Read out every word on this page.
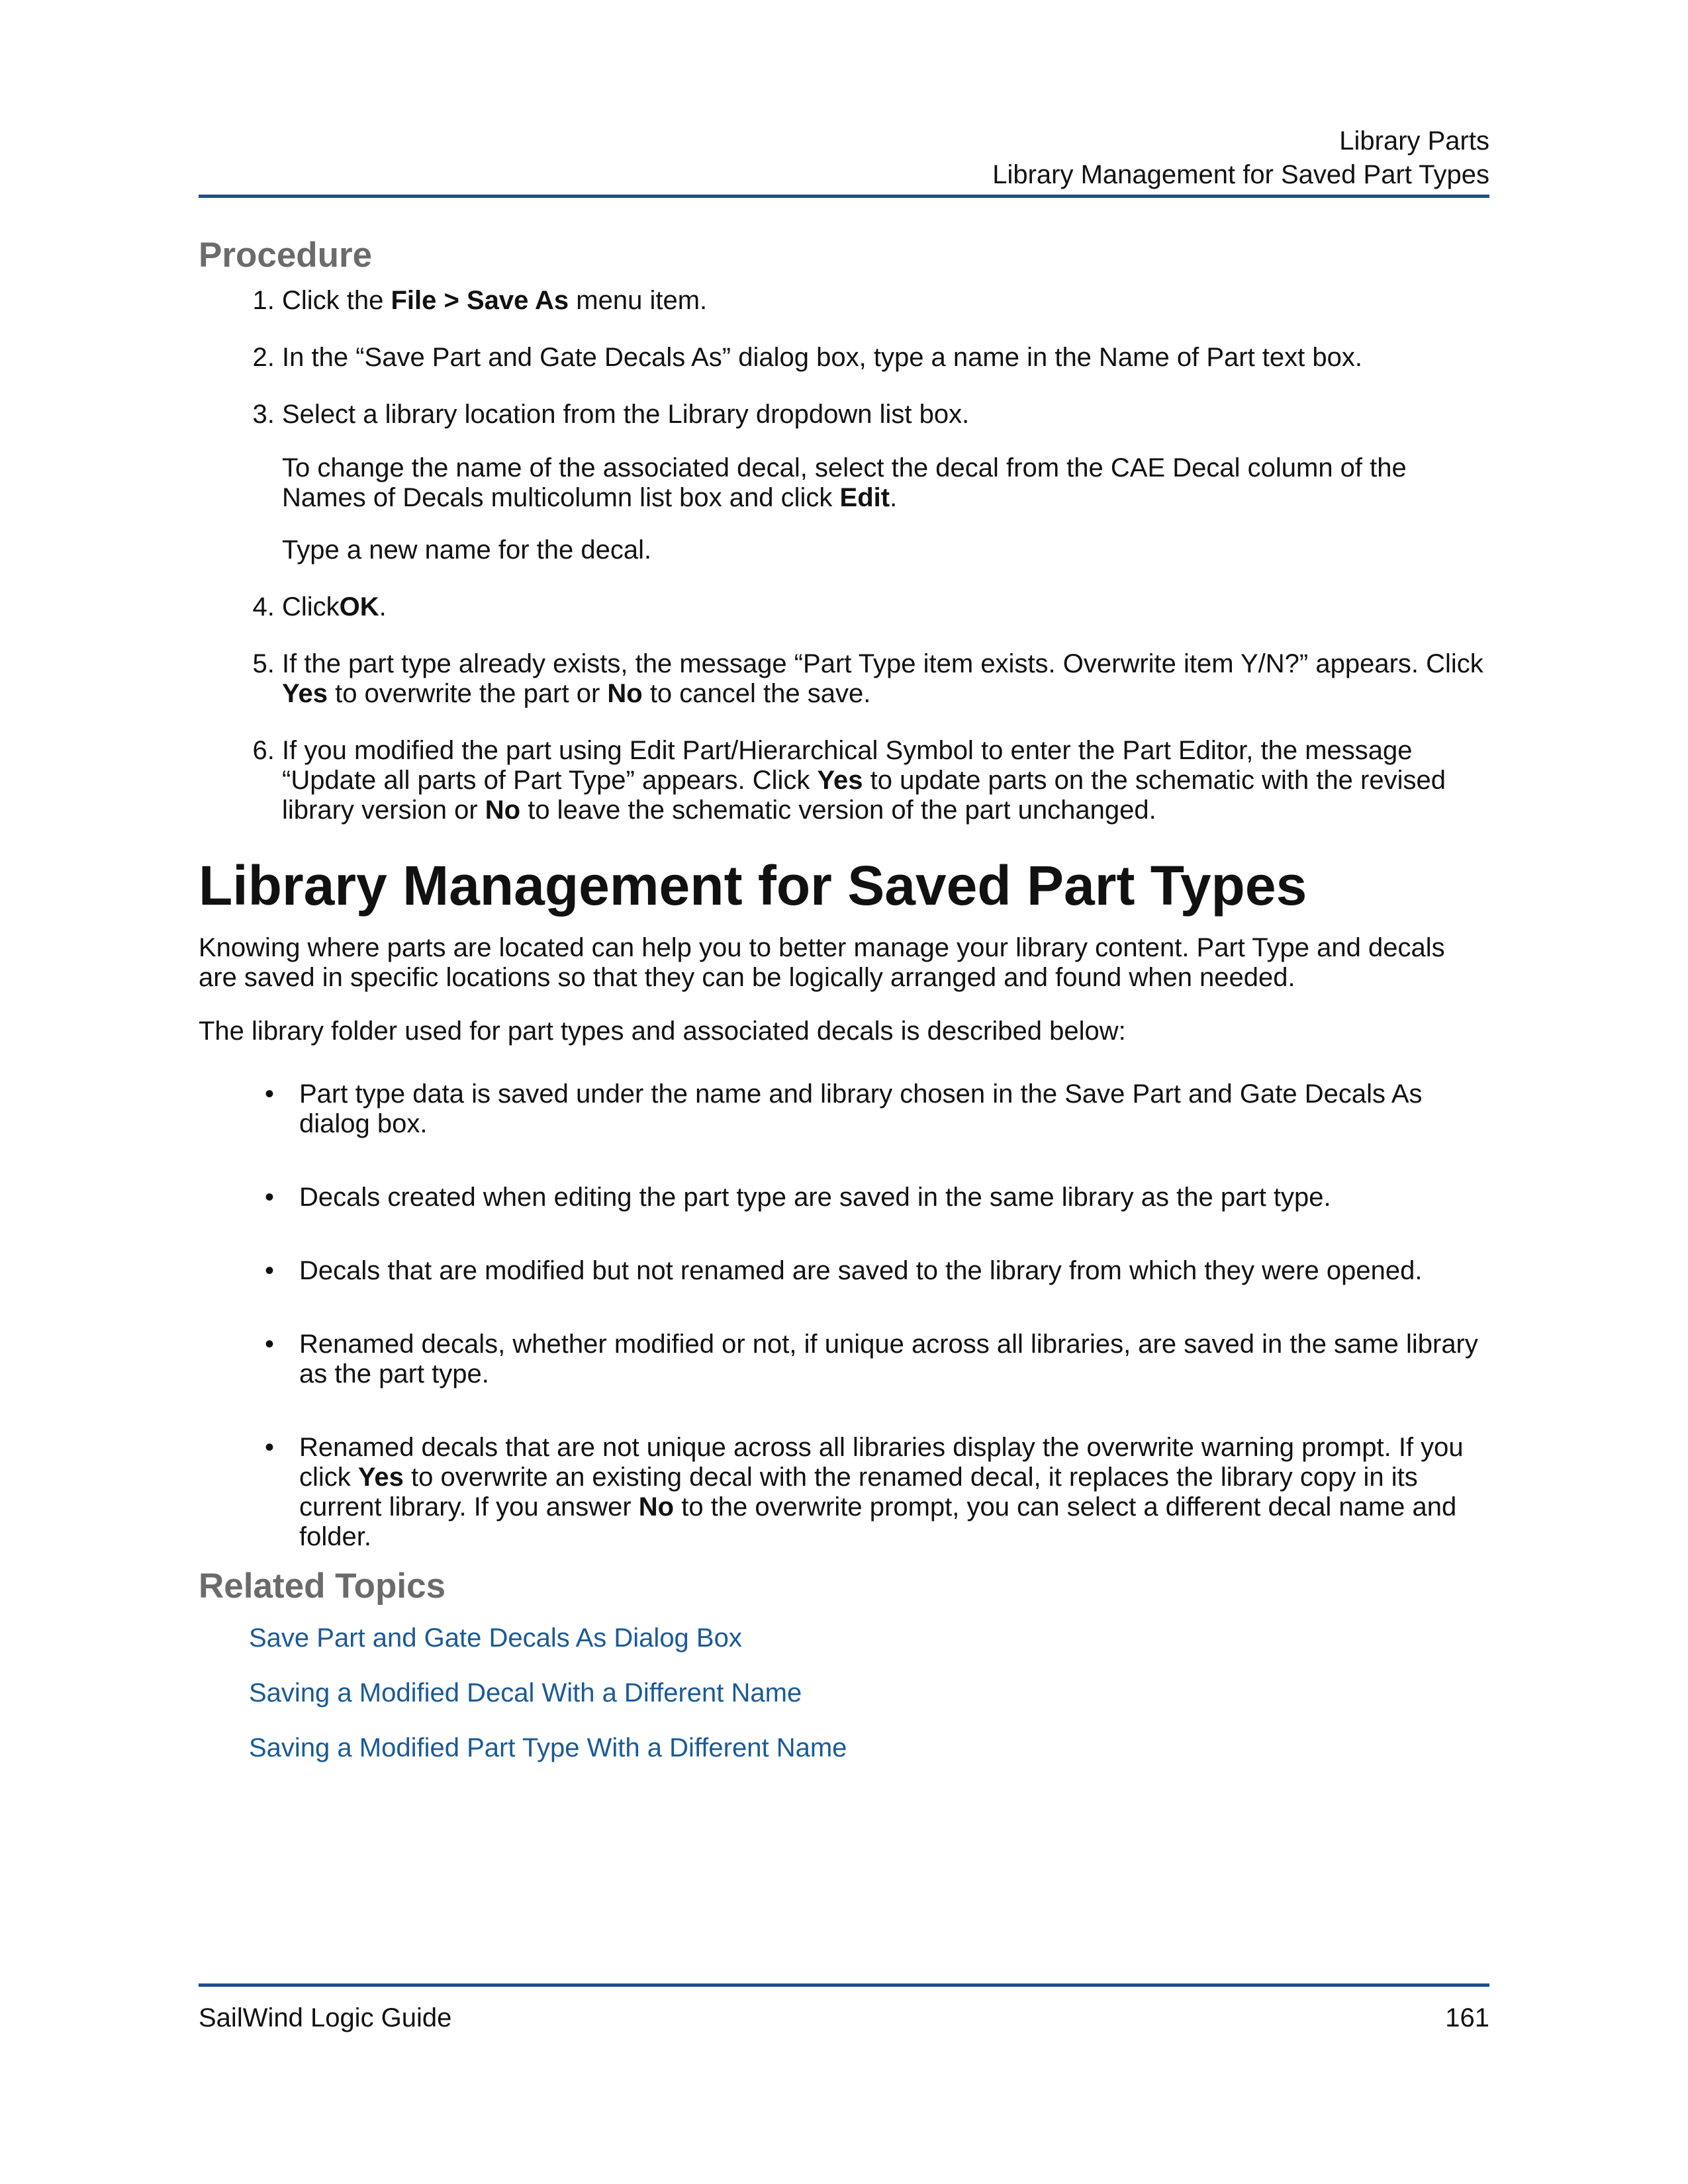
Library Parts
Library Management for Saved Part Types
Procedure
1. Click the File > Save As menu item.
2. In the “Save Part and Gate Decals As” dialog box, type a name in the Name of Part text box.
3. Select a library location from the Library dropdown list box.

To change the name of the associated decal, select the decal from the CAE Decal column of the Names of Decals multicolumn list box and click Edit.

Type a new name for the decal.

4. ClickOK.
5. If the part type already exists, the message “Part Type item exists. Overwrite item Y/N?” appears. Click Yes to overwrite the part or No to cancel the save.
6. If you modified the part using Edit Part/Hierarchical Symbol to enter the Part Editor, the message “Update all parts of Part Type” appears. Click Yes to update parts on the schematic with the revised library version or No to leave the schematic version of the part unchanged.
Library Management for Saved Part Types

Knowing where parts are located can help you to better manage your library content. Part Type and decals are saved in specific locations so that they can be logically arranged and found when needed.

The library folder used for part types and associated decals is described below:

• Part type data is saved under the name and library chosen in the Save Part and Gate Decals As dialog box.
• Decals created when editing the part type are saved in the same library as the part type.
• Decals that are modified but not renamed are saved to the library from which they were opened.
• Renamed decals, whether modified or not, if unique across all libraries, are saved in the same library as the part type.
• Renamed decals that are not unique across all libraries display the overwrite warning prompt. If you click Yes to overwrite an existing decal with the renamed decal, it replaces the library copy in its current library. If you answer No to the overwrite prompt, you can select a different decal name and folder.
Related Topics
Save Part and Gate Decals As Dialog Box
Saving a Modified Decal With a Different Name
Saving a Modified Part Type With a Different Name
SailWind Logic Guide	161
